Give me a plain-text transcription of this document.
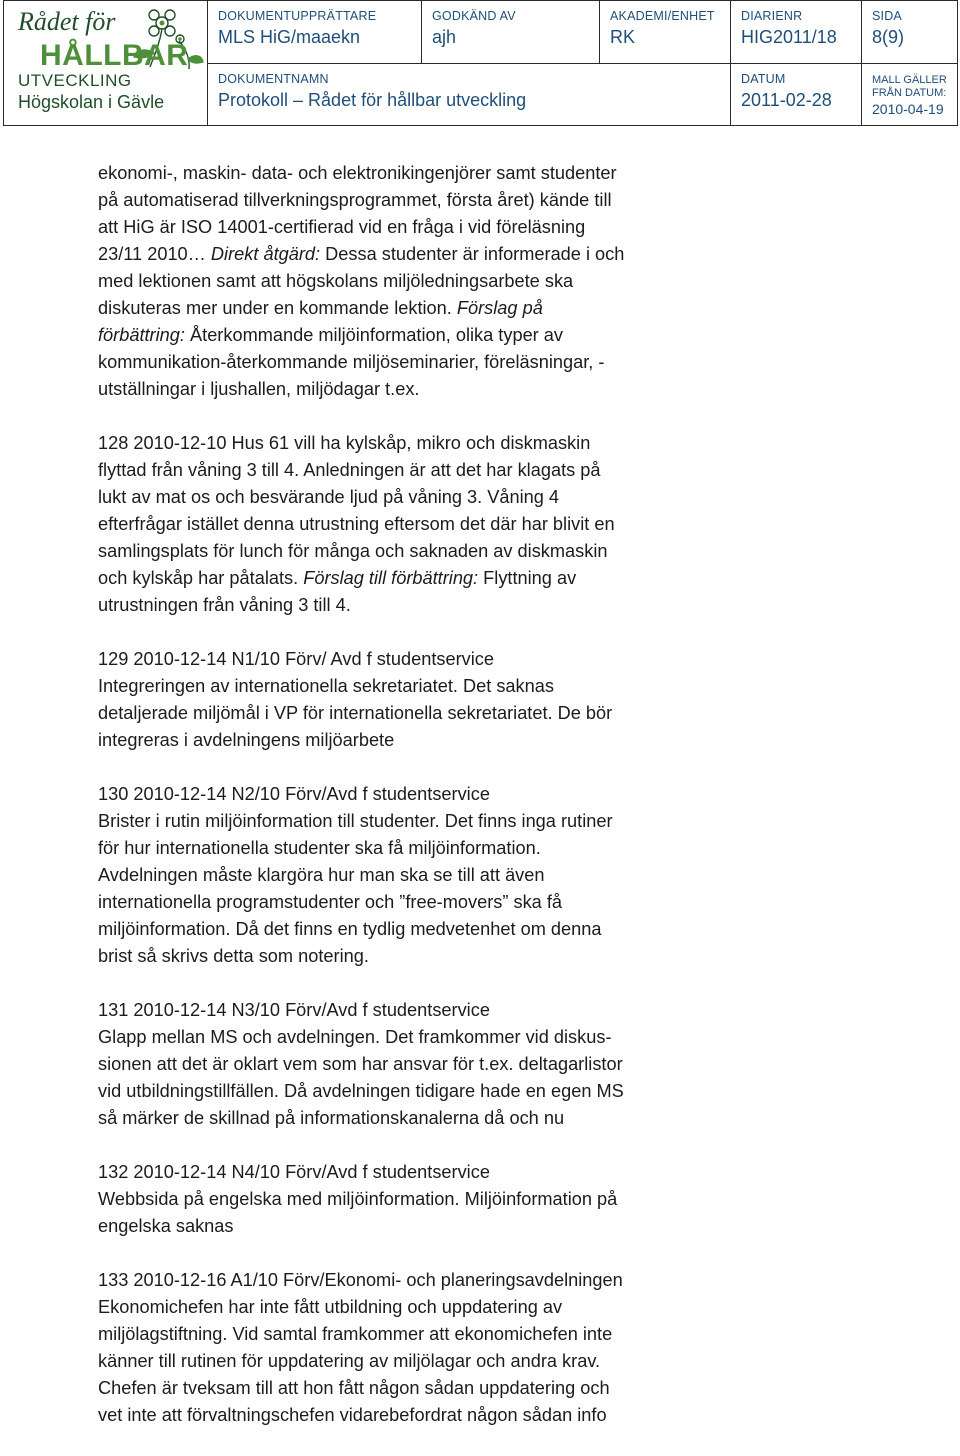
Rådet för
HÅLLBAR
UTVECKLING
Högskolan i Gävle
DOKUMENTUPPRÄTTARE
MLS HiG/maaekn
GODKÄND AV
ajh
AKADEMI/ENHET
RK
DIARIENR
HIG2011/18
SIDA
8(9)
DOKUMENTNAMN
Protokoll – Rådet för hållbar utveckling
DATUM
2011-02-28
MALL GÄLLER
FRÅN DATUM:
2010-04-19

ekonomi-, maskin- data- och elektronikingenjörer samt studenter
på automatiserad tillverkningsprogrammet, första året) kände till
att HiG är ISO 14001-certifierad vid en fråga i vid föreläsning
23/11 2010… Direkt åtgärd: Dessa studenter är informerade i och
med lektionen samt att högskolans miljöledningsarbete ska
diskuteras mer under en kommande lektion. Förslag på
förbättring: Återkommande miljöinformation, olika typer av
kommunikation-återkommande miljöseminarier, föreläsningar, -
utställningar i ljushallen, miljödagar t.ex.

128 2010-12-10 Hus 61 vill ha kylskåp, mikro och diskmaskin
flyttad från våning 3 till 4. Anledningen är att det har klagats på
lukt av mat os och besvärande ljud på våning 3. Våning 4
efterfrågar istället denna utrustning eftersom det där har blivit en
samlingsplats för lunch för många och saknaden av diskmaskin
och kylskåp har påtalats. Förslag till förbättring: Flyttning av
utrustningen från våning 3 till 4.

129 2010-12-14 N1/10 Förv/ Avd f studentservice
Integreringen av internationella sekretariatet. Det saknas
detaljerade miljömål i VP för internationella sekretariatet. De bör
integreras i avdelningens miljöarbete

130 2010-12-14 N2/10 Förv/Avd f studentservice
Brister i rutin miljöinformation till studenter. Det finns inga rutiner
för hur internationella studenter ska få miljöinformation.
Avdelningen måste klargöra hur man ska se till att även
internationella programstudenter och ”free-movers” ska få
miljöinformation. Då det finns en tydlig medvetenhet om denna
brist så skrivs detta som notering.

131 2010-12-14 N3/10 Förv/Avd f studentservice
Glapp mellan MS och avdelningen. Det framkommer vid diskus-
sionen att det är oklart vem som har ansvar för t.ex. deltagarlistor
vid utbildningstillfällen. Då avdelningen tidigare hade en egen MS
så märker de skillnad på informationskanalerna då och nu

132 2010-12-14 N4/10 Förv/Avd f studentservice
Webbsida på engelska med miljöinformation. Miljöinformation på
engelska saknas

133 2010-12-16 A1/10 Förv/Ekonomi- och planeringsavdelningen
Ekonomichefen har inte fått utbildning och uppdatering av
miljölagstiftning. Vid samtal framkommer att ekonomichefen inte
känner till rutinen för uppdatering av miljölagar och andra krav.
Chefen är tveksam till att hon fått någon sådan uppdatering och
vet inte att förvaltningschefen vidarebefordrat någon sådan info
